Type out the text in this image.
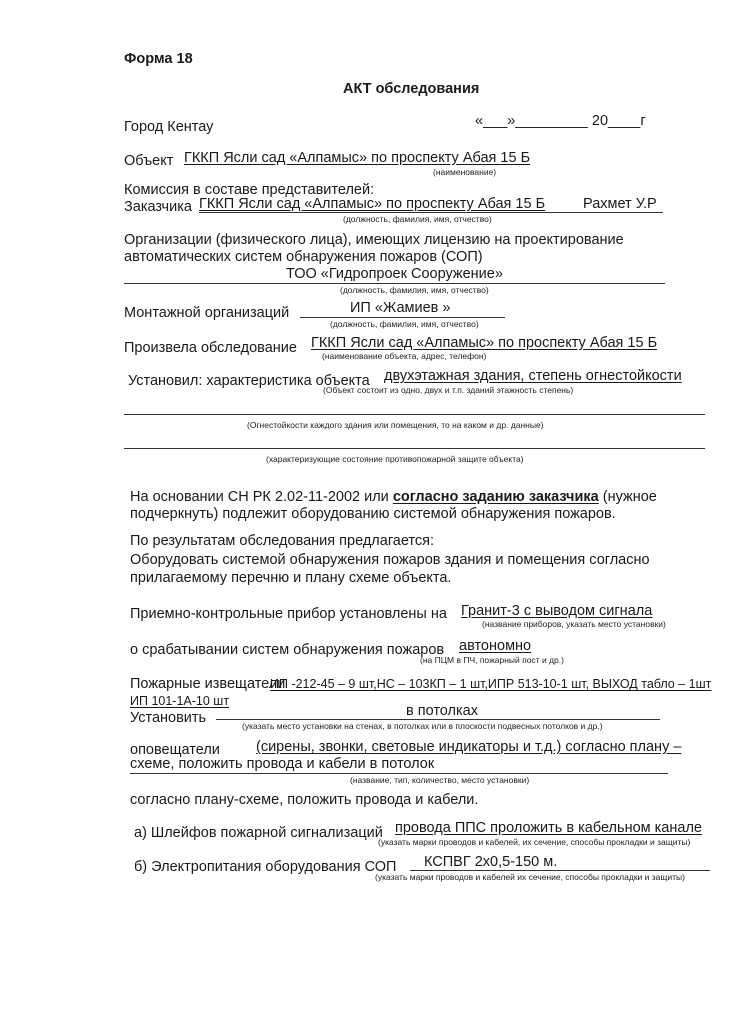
Форма 18
АКТ обследования
Город Кентау	«___»_________ 20____г
Объект ГККП Ясли сад «Алпамыс» по проспекту Абая 15 Б
(наименование)
Комиссия в составе представителей:
Заказчика ГККП Ясли сад «Алпамыс» по проспекту Абая 15 Б	Рахмет У.Р
(должность, фамилия, имя, отчество)
Организации (физического лица), имеющих лицензию на проектирование
автоматических систем обнаружения пожаров (СОП)
ТОО «Гидропроек Сооружение»
(должность, фамилия, имя, отчество)
Монтажной организаций	ИП «Жамиев »
(должность, фамилия, имя, отчество)
Произвела обследование ГККП Ясли сад «Алпамыс» по проспекту Абая 15 Б
(наименование объекта, адрес, телефон)
Установил: характеристика объекта двухэтажная здания, степень огнестойкости
(Объект состоит из одно, двух и т.п. зданий этажность степень)
(Огнестойкости каждого здания или помещения, то на каком и др. данные)
(характеризующие состояние противопожарной защите объекта)
На основании СН РК 2.02-11-2002 или согласно заданию заказчика (нужное
подчеркнуть) подлежит оборудованию системой обнаружения пожаров.
По результатам обследования предлагается:
Оборудовать системой обнаружения пожаров здания и помещения согласно
прилагаемому перечню и плану схеме объекта.
Приемно-контрольные прибор установлены на Гранит-3 с выводом сигнала
(название приборов, указать место установки)
о срабатывании систем обнаружения пожаров автономно
(на ПЦМ в ПЧ, пожарный пост и др.)
Пожарные извещатели
ИП -212-45 – 9 шт,НС – 103КП – 1 шт,ИПР 513-10-1 шт, ВЫХОД табло – 1шт
ИП 101-1А-10 шт
Установить	в потолках
(указать место установки на стенах, в потолках или в плоскости подвесных потолков и др.)
оповещатели (сирены, звонки, световые индикаторы и т.д.) согласно плану –
схеме, положить провода и кабели в потолок
(название, тип, количество, место установки)
согласно плану-схеме, положить провода и кабели.
а) Шлейфов пожарной сигнализаций провода ППС проложить в кабельном канале
(указать марки проводов и кабелей, их сечение, способы прокладки и защиты)
б) Электропитания оборудования СОП КСПВГ 2х0,5-150 м.
(указать марки проводов и кабелей их сечение, способы прокладки и защиты)
